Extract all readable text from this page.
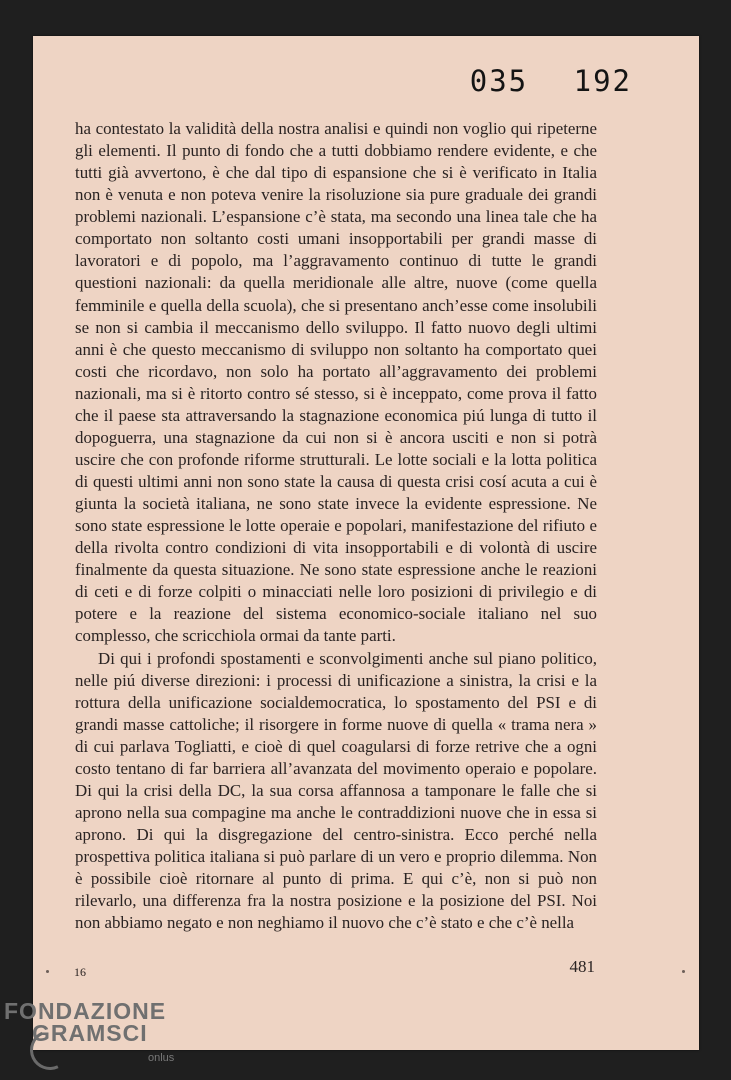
035 192

ha contestato la validità della nostra analisi e quindi non voglio qui ripeterne gli elementi. Il punto di fondo che a tutti dobbiamo rendere evidente, e che tutti già avvertono, è che dal tipo di espansione che si è verificato in Italia non è venuta e non poteva venire la risoluzione sia pure graduale dei grandi problemi nazionali. L’espansione c’è stata, ma secondo una linea tale che ha comportato non soltanto costi umani insopportabili per grandi masse di lavoratori e di popolo, ma l’aggravamento continuo di tutte le grandi questioni nazionali: da quella meridionale alle altre, nuove (come quella femminile e quella della scuola), che si presentano anch’esse come insolubili se non si cambia il meccanismo dello sviluppo. Il fatto nuovo degli ultimi anni è che questo meccanismo di sviluppo non soltanto ha comportato quei costi che ricordavo, non solo ha portato all’aggravamento dei problemi nazionali, ma si è ritorto contro sé stesso, si è inceppato, come prova il fatto che il paese sta attraversando la stagnazione economica piú lunga di tutto il dopoguerra, una stagnazione da cui non si è ancora usciti e non si potrà uscire che con profonde riforme strutturali. Le lotte sociali e la lotta politica di questi ultimi anni non sono state la causa di questa crisi cosí acuta a cui è giunta la società italiana, ne sono state invece la evidente espressione. Ne sono state espressione le lotte operaie e popolari, manifestazione del rifiuto e della rivolta contro condizioni di vita insopportabili e di volontà di uscire finalmente da questa situazione. Ne sono state espressione anche le reazioni di ceti e di forze colpiti o minacciati nelle loro posizioni di privilegio e di potere e la reazione del sistema economico-sociale italiano nel suo complesso, che scricchiola ormai da tante parti.

Di qui i profondi spostamenti e sconvolgimenti anche sul piano politico, nelle piú diverse direzioni: i processi di unificazione a sinistra, la crisi e la rottura della unificazione socialdemocratica, lo spostamento del PSI e di grandi masse cattoliche; il risorgere in forme nuove di quella « trama nera » di cui parlava Togliatti, e cioè di quel coagularsi di forze retrive che a ogni costo tentano di far barriera all’avanzata del movimento operaio e popolare. Di qui la crisi della DC, la sua corsa affannosa a tamponare le falle che si aprono nella sua compagine ma anche le contraddizioni nuove che in essa si aprono. Di qui la disgregazione del centro-sinistra. Ecco perché nella prospettiva politica italiana si può parlare di un vero e proprio dilemma. Non è possibile cioè ritornare al punto di prima. E qui c’è, non si può non rilevarlo, una differenza fra la nostra posizione e la posizione del PSI. Noi non abbiamo negato e non neghiamo il nuovo che c’è stato e che c’è nella

16	481
FONDAZIONE
GRAMSCI
onlus
